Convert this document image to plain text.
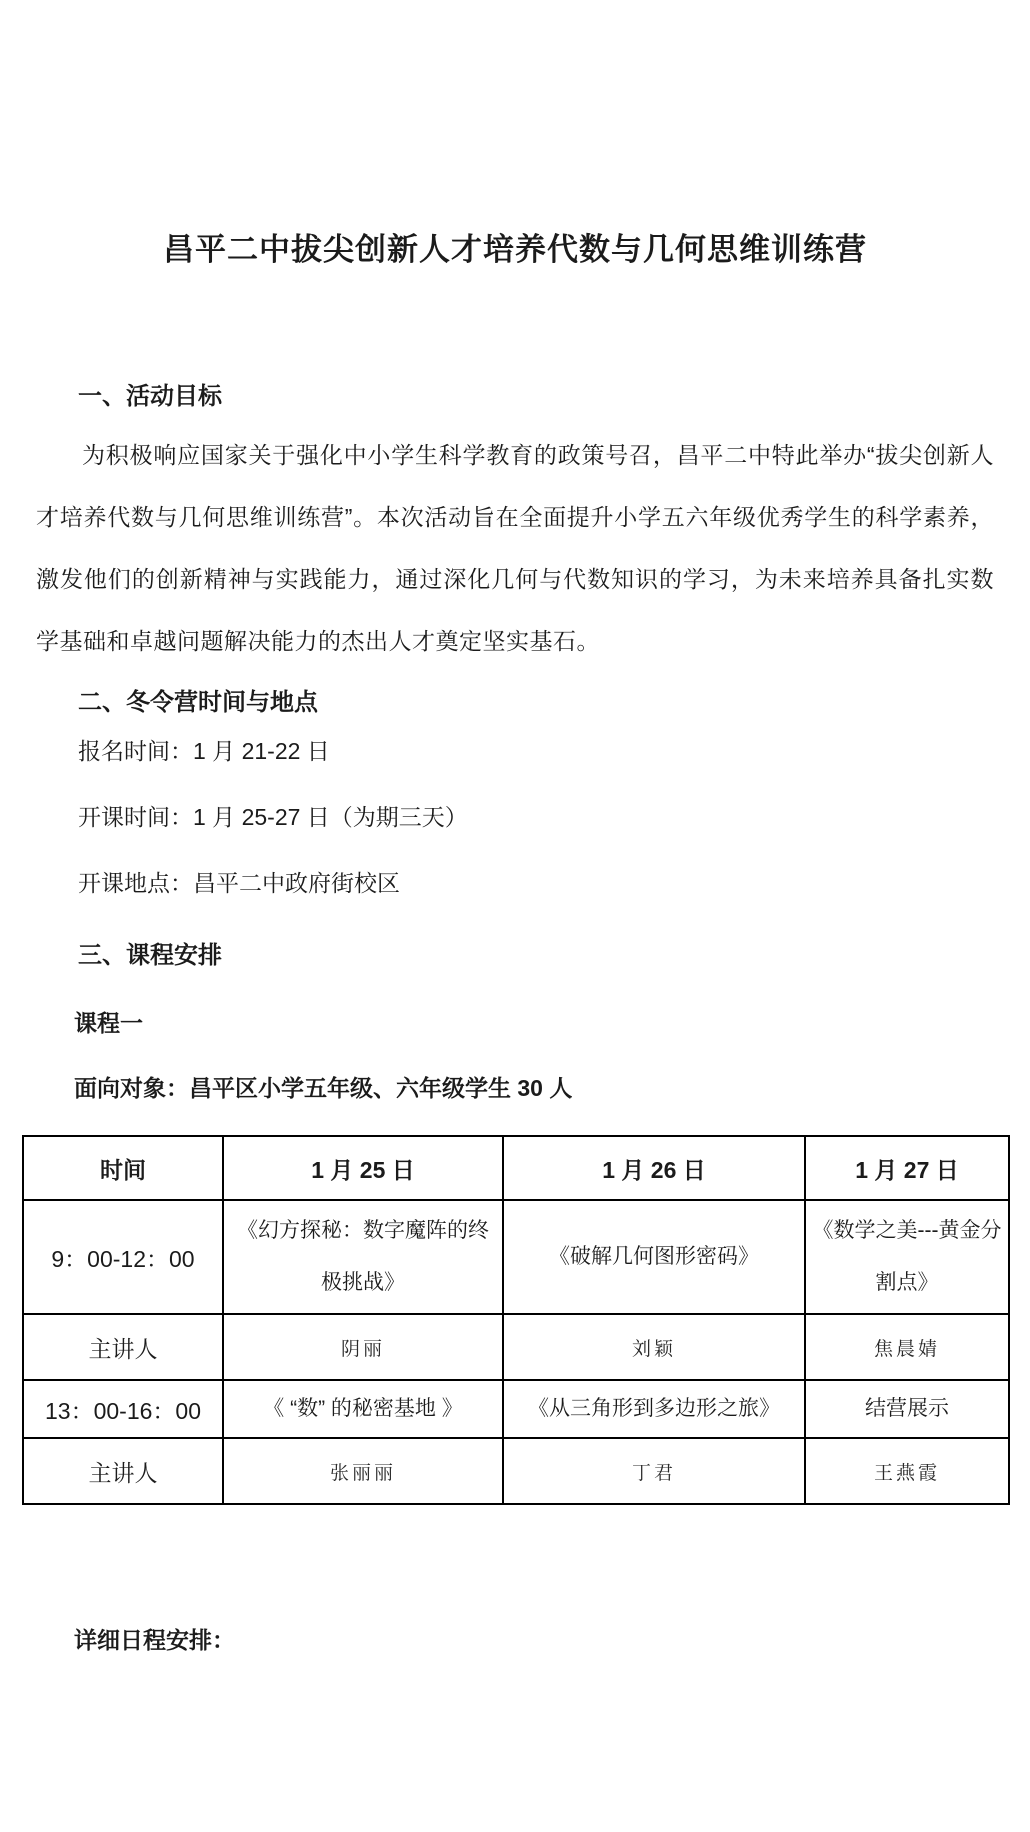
昌平二中拔尖创新人才培养代数与几何思维训练营
一、活动目标

为积极响应国家关于强化中小学生科学教育的政策号召，昌平二中特此举办“拔尖创新人才培养代数与几何思维训练营”。本次活动旨在全面提升小学五六年级优秀学生的科学素养，激发他们的创新精神与实践能力，通过深化几何与代数知识的学习，为未来培养具备扎实数学基础和卓越问题解决能力的杰出人才奠定坚实基石。

二、冬令营时间与地点

报名时间：1 月 21-22 日

开课时间：1 月 25-27 日（为期三天）

开课地点：昌平二中政府街校区

三、课程安排

课程一

面向对象：昌平区小学五年级、六年级学生 30 人

时间	1 月 25 日	1 月 26 日	1 月 27 日
9：00-12：00	《幻方探秘：数字魔阵的终极挑战》	《破解几何图形密码》	《数学之美---黄金分割点》
主讲人	阴丽	刘颖	焦晨婧
13：00-16：00	《 “数” 的秘密基地 》	《从三角形到多边形之旅》	结营展示
主讲人	张丽丽	丁君	王燕霞

详细日程安排：
